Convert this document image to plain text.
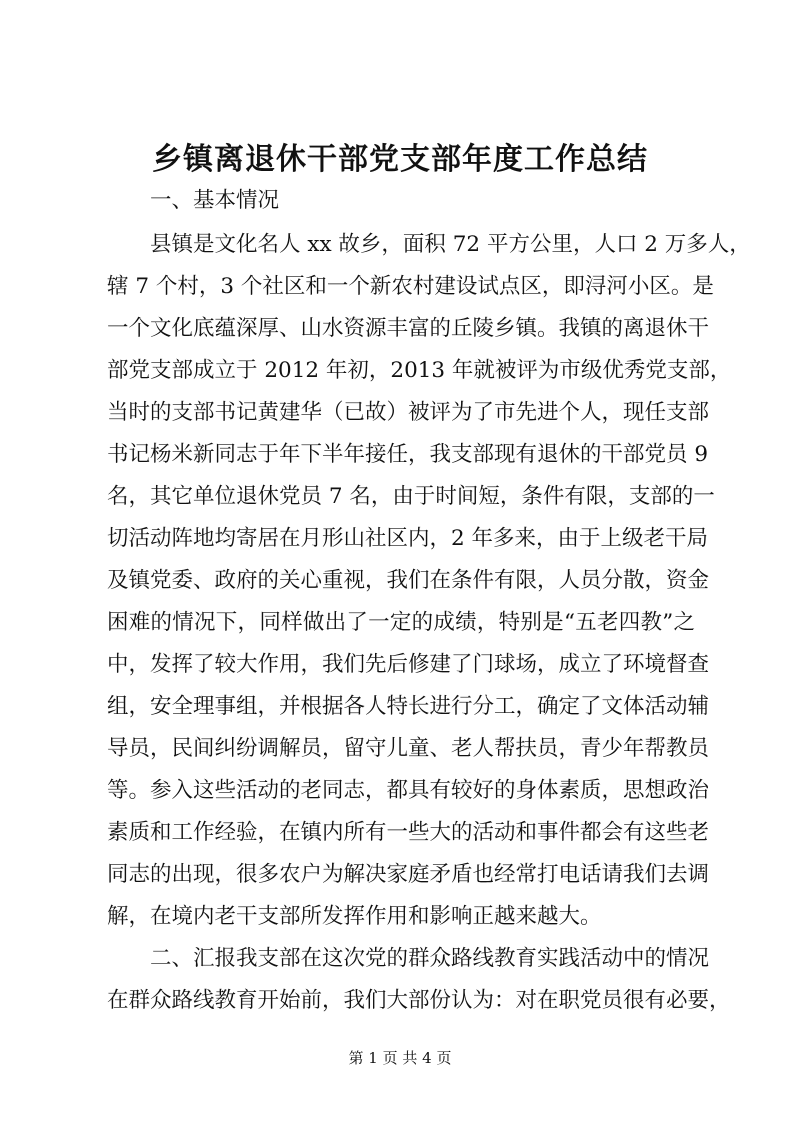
乡镇离退休干部党支部年度工作总结
一、基本情况
县镇是文化名人 xx 故乡，面积 72 平方公里，人口 2 万多人，
辖 7 个村，3 个社区和一个新农村建设试点区，即浔河小区。是
一个文化底蕴深厚、山水资源丰富的丘陵乡镇。我镇的离退休干
部党支部成立于 2012 年初，2013 年就被评为市级优秀党支部，
当时的支部书记黄建华（已故）被评为了市先进个人，现任支部
书记杨米新同志于年下半年接任，我支部现有退休的干部党员 9
名，其它单位退休党员 7 名，由于时间短，条件有限，支部的一
切活动阵地均寄居在月形山社区内，2 年多来，由于上级老干局
及镇党委、政府的关心重视，我们在条件有限，人员分散，资金
困难的情况下，同样做出了一定的成绩，特别是“五老四教”之
中，发挥了较大作用，我们先后修建了门球场，成立了环境督查
组，安全理事组，并根据各人特长进行分工，确定了文体活动辅
导员，民间纠纷调解员，留守儿童、老人帮扶员，青少年帮教员
等。参入这些活动的老同志，都具有较好的身体素质，思想政治
素质和工作经验，在镇内所有一些大的活动和事件都会有这些老
同志的出现，很多农户为解决家庭矛盾也经常打电话请我们去调
解，在境内老干支部所发挥作用和影响正越来越大。
二、汇报我支部在这次党的群众路线教育实践活动中的情况
在群众路线教育开始前，我们大部份认为：对在职党员很有必要，
第 1 页 共 4 页
